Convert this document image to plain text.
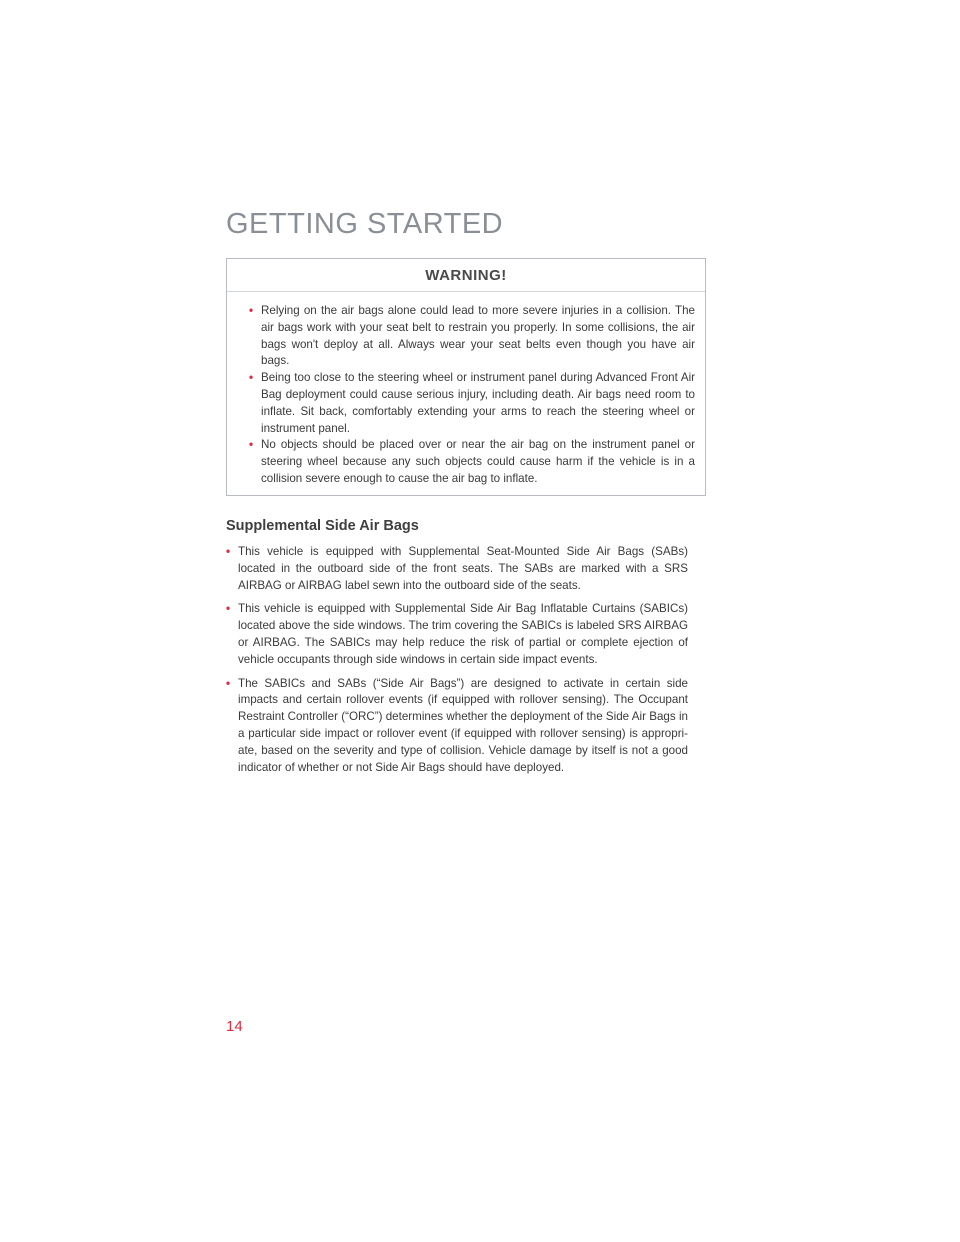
GETTING STARTED
WARNING!
• Relying on the air bags alone could lead to more severe injuries in a collision. The air bags work with your seat belt to restrain you properly. In some collisions, the air bags won't deploy at all. Always wear your seat belts even though you have air bags.
• Being too close to the steering wheel or instrument panel during Advanced Front Air Bag deployment could cause serious injury, including death. Air bags need room to inflate. Sit back, comfortably extending your arms to reach the steering wheel or instrument panel.
• No objects should be placed over or near the air bag on the instrument panel or steering wheel because any such objects could cause harm if the vehicle is in a collision severe enough to cause the air bag to inflate.
Supplemental Side Air Bags
• This vehicle is equipped with Supplemental Seat-Mounted Side Air Bags (SABs) located in the outboard side of the front seats. The SABs are marked with a SRS AIRBAG or AIRBAG label sewn into the outboard side of the seats.
• This vehicle is equipped with Supplemental Side Air Bag Inflatable Curtains (SABICs) located above the side windows. The trim covering the SABICs is labeled SRS AIRBAG or AIRBAG. The SABICs may help reduce the risk of partial or complete ejection of vehicle occupants through side windows in certain side impact events.
• The SABICs and SABs (“Side Air Bags”) are designed to activate in certain side impacts and certain rollover events (if equipped with rollover sensing). The Occupant Restraint Controller (“ORC”) determines whether the deployment of the Side Air Bags in a particular side impact or rollover event (if equipped with rollover sensing) is appropri-ate, based on the severity and type of collision. Vehicle damage by itself is not a good indicator of whether or not Side Air Bags should have deployed.
14
